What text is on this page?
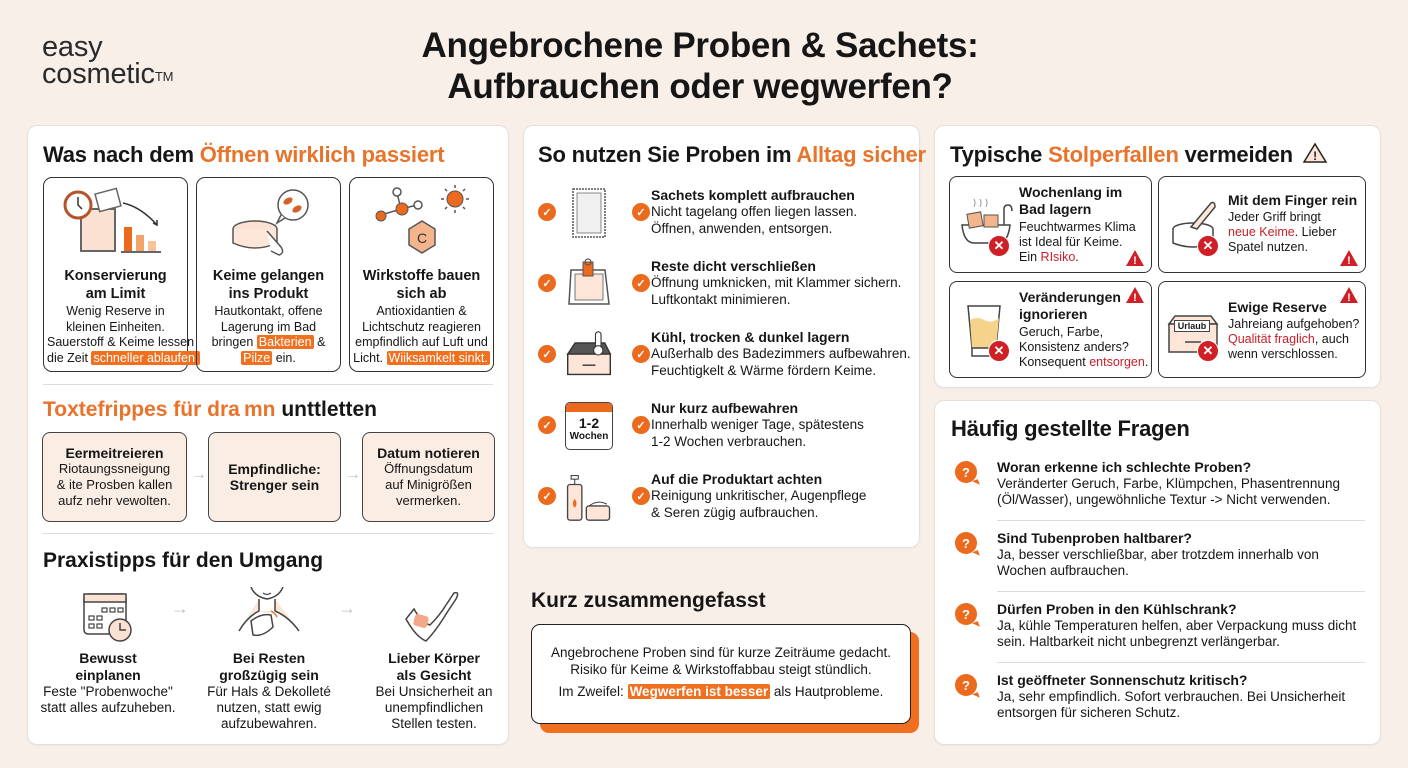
easy
cosmetic™
Angebrochene Proben & Sachets:
Aufbrauchen oder wegwerfen?
Was nach dem Öffnen wirklich passiert
Konservierung
am Limit
Wenig Reserve in
kleinen Einheiten.
Sauerstoff & Keime lessen
die Zeit schneller ablaufen.
Keime gelangen
ins Produkt
Hautkontakt, offene
Lagerung im Bad
bringen Bakterien &
Pilze ein.
C
Wirkstoffe bauen
sich ab
Antioxidantien &
Lichtschutz reagieren
empfindlich auf Luft und
Licht. Wiiksamkelt sinkt.
Toxtefrippes für dra mn unttletten
Eermeitreieren
Riotaungssneigung
& ite Prosben kallen
aufz nehr vewolten.
→	Empfindliche:
Strenger sein
→
Datum notieren
Öffnungsdatum
auf Minigrößen
vermerken.
Praxistipps für den Umgang
Bewusst
einplanen
Feste "Probenwoche"
statt alles aufzuheben.
→
Bei Resten
großzügig sein
Für Hals & Dekolleté
nutzen, statt ewig
aufzubewahren.
→
Lieber Körper
als Gesicht
Bei Unsicherheit an
unempfindlichen
Stellen testen.
So nutzen Sie Proben im Alltag sicher
✓	✓
Sachets komplett aufbrauchen
Nicht tagelang offen liegen lassen.
Öffnen, anwenden, entsorgen.
✓	✓
Reste dicht verschließen
Öffnung umknicken, mit Klammer sichern.
Luftkontakt minimieren.
✓	✓
Kühl, trocken & dunkel lagern
Außerhalb des Badezimmers aufbewahren.
Feuchtigkelt & Wärme fördern Keime.
✓	1-2
Wochen
✓
Nur kurz aufbewahren
Innerhalb weniger Tage, spätestens
1-2 Wochen verbrauchen.
✓	✓
Auf die Produktart achten
Reinigung unkritischer, Augenpflege
& Seren zügig aufbrauchen.
Kurz zusammengefasst
Angebrochene Proben sind für kurze Zeiträume gedacht.
Risiko für Keime & Wirkstoffabbau steigt stündlich.
Im Zweifel: Wegwerfen ist besser als Hautprobleme.
Typische Stolperfallen vermeiden !
✕
Wochenlang im
Bad lagern
Feuchtwarmes Klima
ist Ideal für Keime.
Ein RIsiko.	!
✕
Mit dem Finger rein
Jeder Griff bringt
neue Keime. Lieber
Spatel nutzen.
!
✕
Veränderungen
ignorieren
Geruch, Farbe,
Konsistenz anders?
Konsequent entsorgen.
!
Urlaub
✕
Ewige Reserve
Jahreiang aufgehoben?
Qualität fraglich, auch
wenn verschlossen.
!
Häufig gestellte Fragen
?	Woran erkenne ich schlechte Proben?
Veränderter Geruch, Farbe, Klümpchen, Phasentrennung
(Öl/Wasser), ungewöhnliche Textur -> Nicht verwenden.
?	Sind Tubenproben haltbarer?
Ja, besser verschließbar, aber trotzdem innerhalb von
Wochen aufbrauchen.
?	Dürfen Proben in den Kühlschrank?
Ja, kühle Temperaturen helfen, aber Verpackung muss dicht
sein. Haltbarkeit nicht unbegrenzt verlängerbar.
?	Ist geöffneter Sonnenschutz kritisch?
Ja, sehr empfindlich. Sofort verbrauchen. Bei Unsicherheit
entsorgen für sicheren Schutz.
